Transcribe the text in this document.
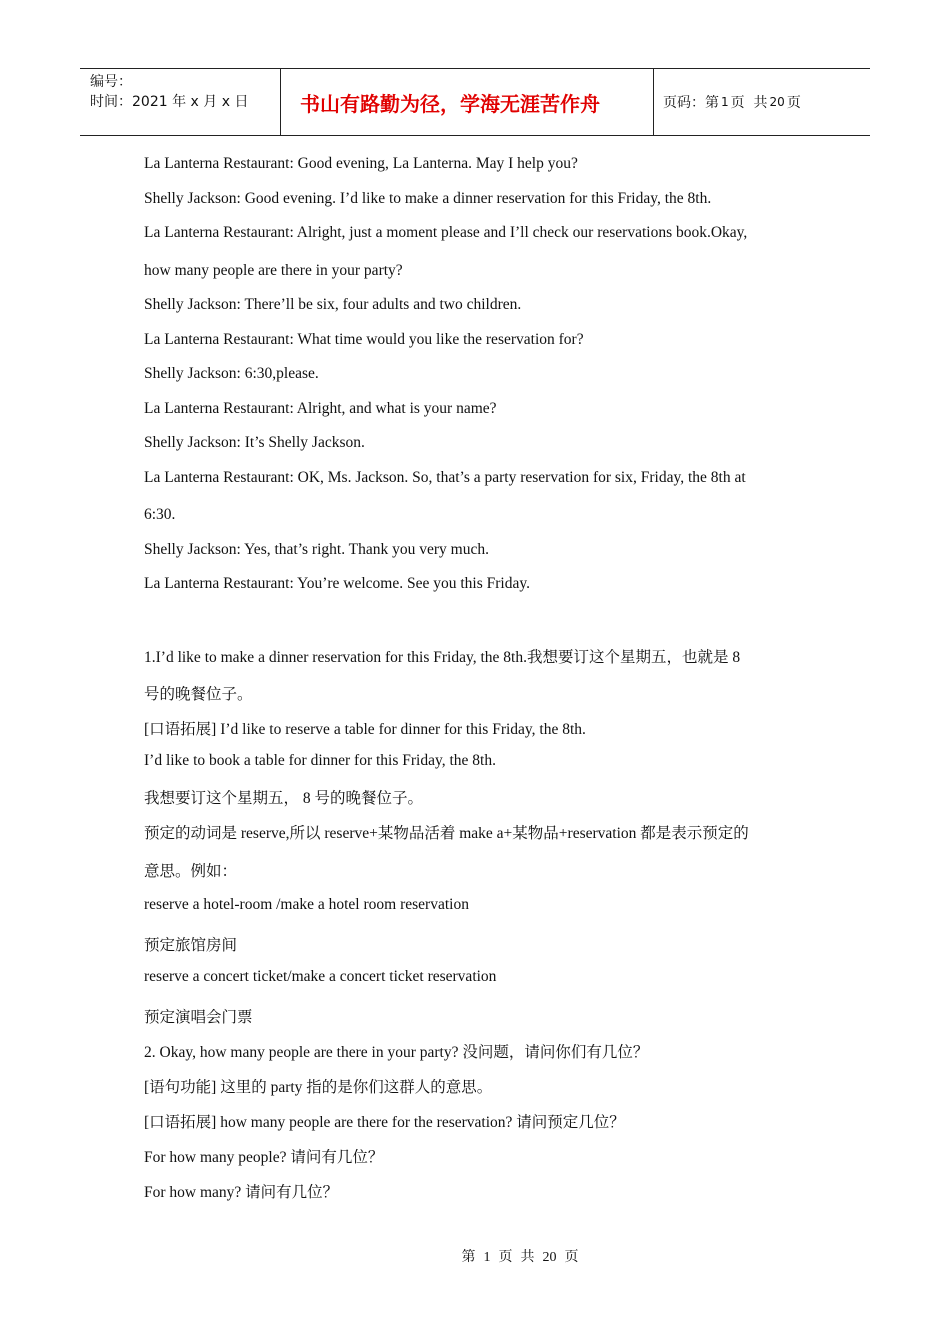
编号：
时间：2021 年 x 月 x 日	书山有路勤为径，学海无涯苦作舟	页码： 第 1 页  共 20 页

La Lanterna Restaurant: Good evening, La Lanterna. May I help you?

Shelly Jackson: Good evening. I’d like to make a dinner reservation for this Friday, the 8th.

La Lanterna Restaurant: Alright, just a moment please and I’ll check our reservations book.Okay,

how many people are there in your party?

Shelly Jackson: There’ll be six, four adults and two children.

La Lanterna Restaurant: What time would you like the reservation for?

Shelly Jackson: 6:30,please.

La Lanterna Restaurant: Alright, and what is your name?

Shelly Jackson: It’s Shelly Jackson.

La Lanterna Restaurant: OK, Ms. Jackson. So, that’s a party reservation for six, Friday, the 8th at

6:30.

Shelly Jackson: Yes, that’s right. Thank you very much.

La Lanterna Restaurant: You’re welcome. See you this Friday.

1.I’d like to make a dinner reservation for this Friday, the 8th.我想要订这个星期五，也就是 8

号的晚餐位子。

[口语拓展] I’d like to reserve a table for dinner for this Friday, the 8th.

I’d like to book a table for dinner for this Friday, the 8th.

我想要订这个星期五， 8 号的晚餐位子。

预定的动词是 reserve,所以 reserve+某物品活着 make a+某物品+reservation 都是表示预定的

意思。例如：

reserve a hotel-room /make a hotel room reservation

预定旅馆房间

reserve a concert ticket/make a concert ticket reservation

预定演唱会门票

2. Okay, how many people are there in your party? 没问题，请问你们有几位？

[语句功能] 这里的 party 指的是你们这群人的意思。

[口语拓展] how many people are there for the reservation? 请问预定几位？

For how many people? 请问有几位？

For how many? 请问有几位？

第 1 页 共 20 页
